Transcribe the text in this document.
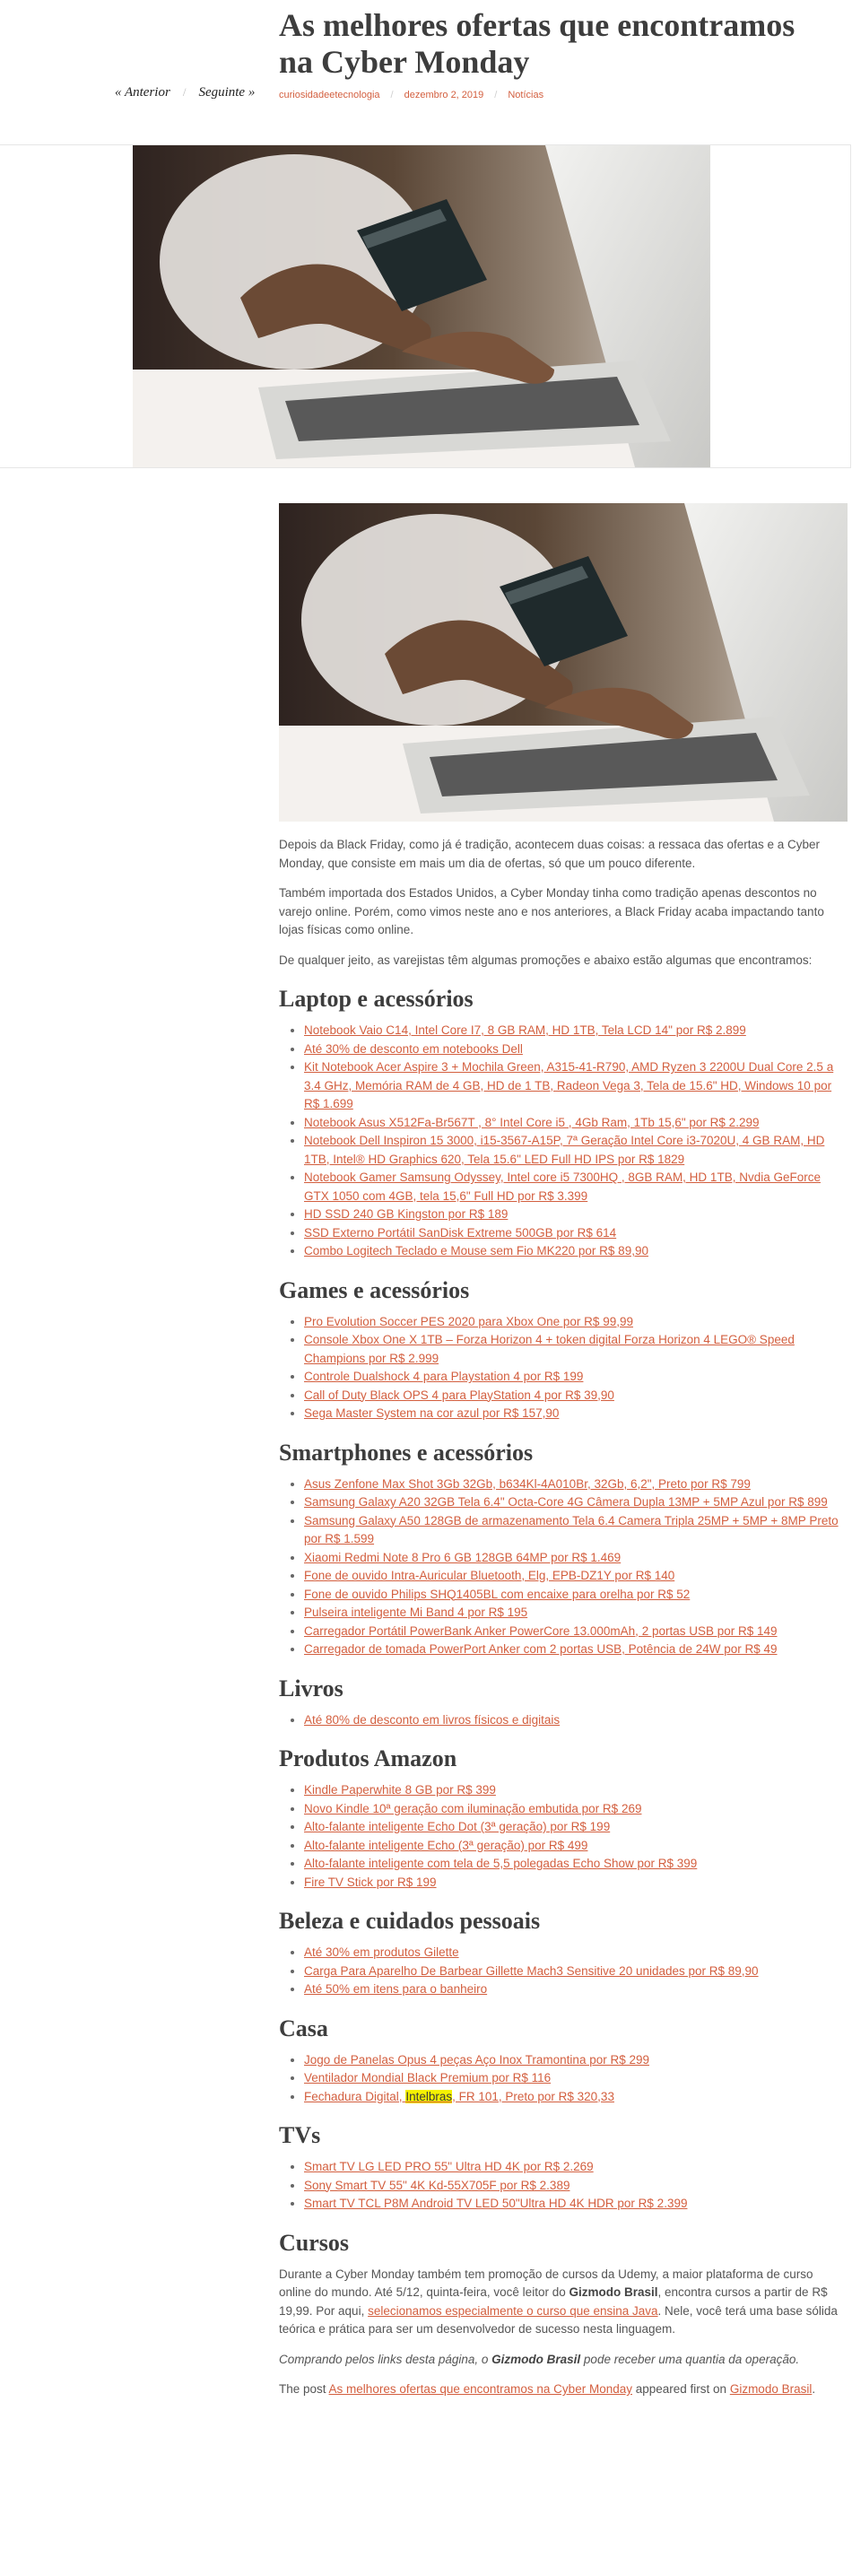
As melhores ofertas que encontramos na Cyber Monday
« Anterior / Seguinte » curiosidadeetecnologia / dezembro 2, 2019 / Notícias

Depois da Black Friday, como já é tradição, acontecem duas coisas: a ressaca das ofertas e a Cyber Monday, que consiste em mais um dia de ofertas, só que um pouco diferente.

Também importada dos Estados Unidos, a Cyber Monday tinha como tradição apenas descontos no varejo online. Porém, como vimos neste ano e nos anteriores, a Black Friday acaba impactando tanto lojas físicas como online.

De qualquer jeito, as varejistas têm algumas promoções e abaixo estão algumas que encontramos:

Laptop e acessórios
• Notebook Vaio C14, Intel Core I7, 8 GB RAM, HD 1TB, Tela LCD 14" por R$ 2.899
• Até 30% de desconto em notebooks Dell
• Kit Notebook Acer Aspire 3 + Mochila Green, A315-41-R790, AMD Ryzen 3 2200U Dual Core 2.5 a 3.4 GHz, Memória RAM de 4 GB, HD de 1 TB, Radeon Vega 3, Tela de 15.6" HD, Windows 10 por R$ 1.699
• Notebook Asus X512Fa-Br567T , 8° Intel Core i5 , 4Gb Ram, 1Tb 15,6" por R$ 2.299
• Notebook Dell Inspiron 15 3000, i15-3567-A15P, 7ª Geração Intel Core i3-7020U, 4 GB RAM, HD 1TB, Intel® HD Graphics 620, Tela 15.6" LED Full HD IPS por R$ 1829
• Notebook Gamer Samsung Odyssey, Intel core i5 7300HQ , 8GB RAM, HD 1TB, Nvdia GeForce GTX 1050 com 4GB, tela 15,6" Full HD por R$ 3.399
• HD SSD 240 GB Kingston por R$ 189
• SSD Externo Portátil SanDisk Extreme 500GB por R$ 614
• Combo Logitech Teclado e Mouse sem Fio MK220 por R$ 89,90
Games e acessórios
• Pro Evolution Soccer PES 2020 para Xbox One por R$ 99,99
• Console Xbox One X 1TB – Forza Horizon 4 + token digital Forza Horizon 4 LEGO® Speed Champions por R$ 2.999
• Controle Dualshock 4 para Playstation 4 por R$ 199
• Call of Duty Black OPS 4 para PlayStation 4 por R$ 39,90
• Sega Master System na cor azul por R$ 157,90
Smartphones e acessórios
• Asus Zenfone Max Shot 3Gb 32Gb, b634Kl-4A010Br, 32Gb, 6,2", Preto por R$ 799
• Samsung Galaxy A20 32GB Tela 6.4" Octa-Core 4G Câmera Dupla 13MP + 5MP Azul por R$ 899
• Samsung Galaxy A50 128GB de armazenamento Tela 6.4 Camera Tripla 25MP + 5MP + 8MP Preto por R$ 1.599
• Xiaomi Redmi Note 8 Pro 6 GB 128GB 64MP por R$ 1.469
• Fone de ouvido Intra-Auricular Bluetooth, Elg, EPB-DZ1Y por R$ 140
• Fone de ouvido Philips SHQ1405BL com encaixe para orelha por R$ 52
• Pulseira inteligente Mi Band 4 por R$ 195
• Carregador Portátil PowerBank Anker PowerCore 13.000mAh, 2 portas USB por R$ 149
• Carregador de tomada PowerPort Anker com 2 portas USB, Potência de 24W por R$ 49
Livros
• Até 80% de desconto em livros físicos e digitais
Produtos Amazon
• Kindle Paperwhite 8 GB por R$ 399
• Novo Kindle 10ª geração com iluminação embutida por R$ 269
• Alto-falante inteligente Echo Dot (3ª geração) por R$ 199
• Alto-falante inteligente Echo (3ª geração) por R$ 499
• Alto-falante inteligente com tela de 5,5 polegadas Echo Show por R$ 399
• Fire TV Stick por R$ 199
Beleza e cuidados pessoais
• Até 30% em produtos Gilette
• Carga Para Aparelho De Barbear Gillette Mach3 Sensitive 20 unidades por R$ 89,90
• Até 50% em itens para o banheiro
Casa
• Jogo de Panelas Opus 4 peças Aço Inox Tramontina por R$ 299
• Ventilador Mondial Black Premium por R$ 116
• Fechadura Digital, Intelbras, FR 101, Preto por R$ 320,33
TVs
• Smart TV LG LED PRO 55" Ultra HD 4K por R$ 2.269
• Sony Smart TV 55" 4K Kd-55X705F por R$ 2.389
• Smart TV TCL P8M Android TV LED 50"Ultra HD 4K HDR por R$ 2.399
Cursos

Durante a Cyber Monday também tem promoção de cursos da Udemy, a maior plataforma de curso online do mundo. Até 5/12, quinta-feira, você leitor do Gizmodo Brasil, encontra cursos a partir de R$ 19,99. Por aqui, selecionamos especialmente o curso que ensina Java. Nele, você terá uma base sólida teórica e prática para ser um desenvolvedor de sucesso nesta linguagem.

Comprando pelos links desta página, o Gizmodo Brasil pode receber uma quantia da operação.

The post As melhores ofertas que encontramos na Cyber Monday appeared first on Gizmodo Brasil.
